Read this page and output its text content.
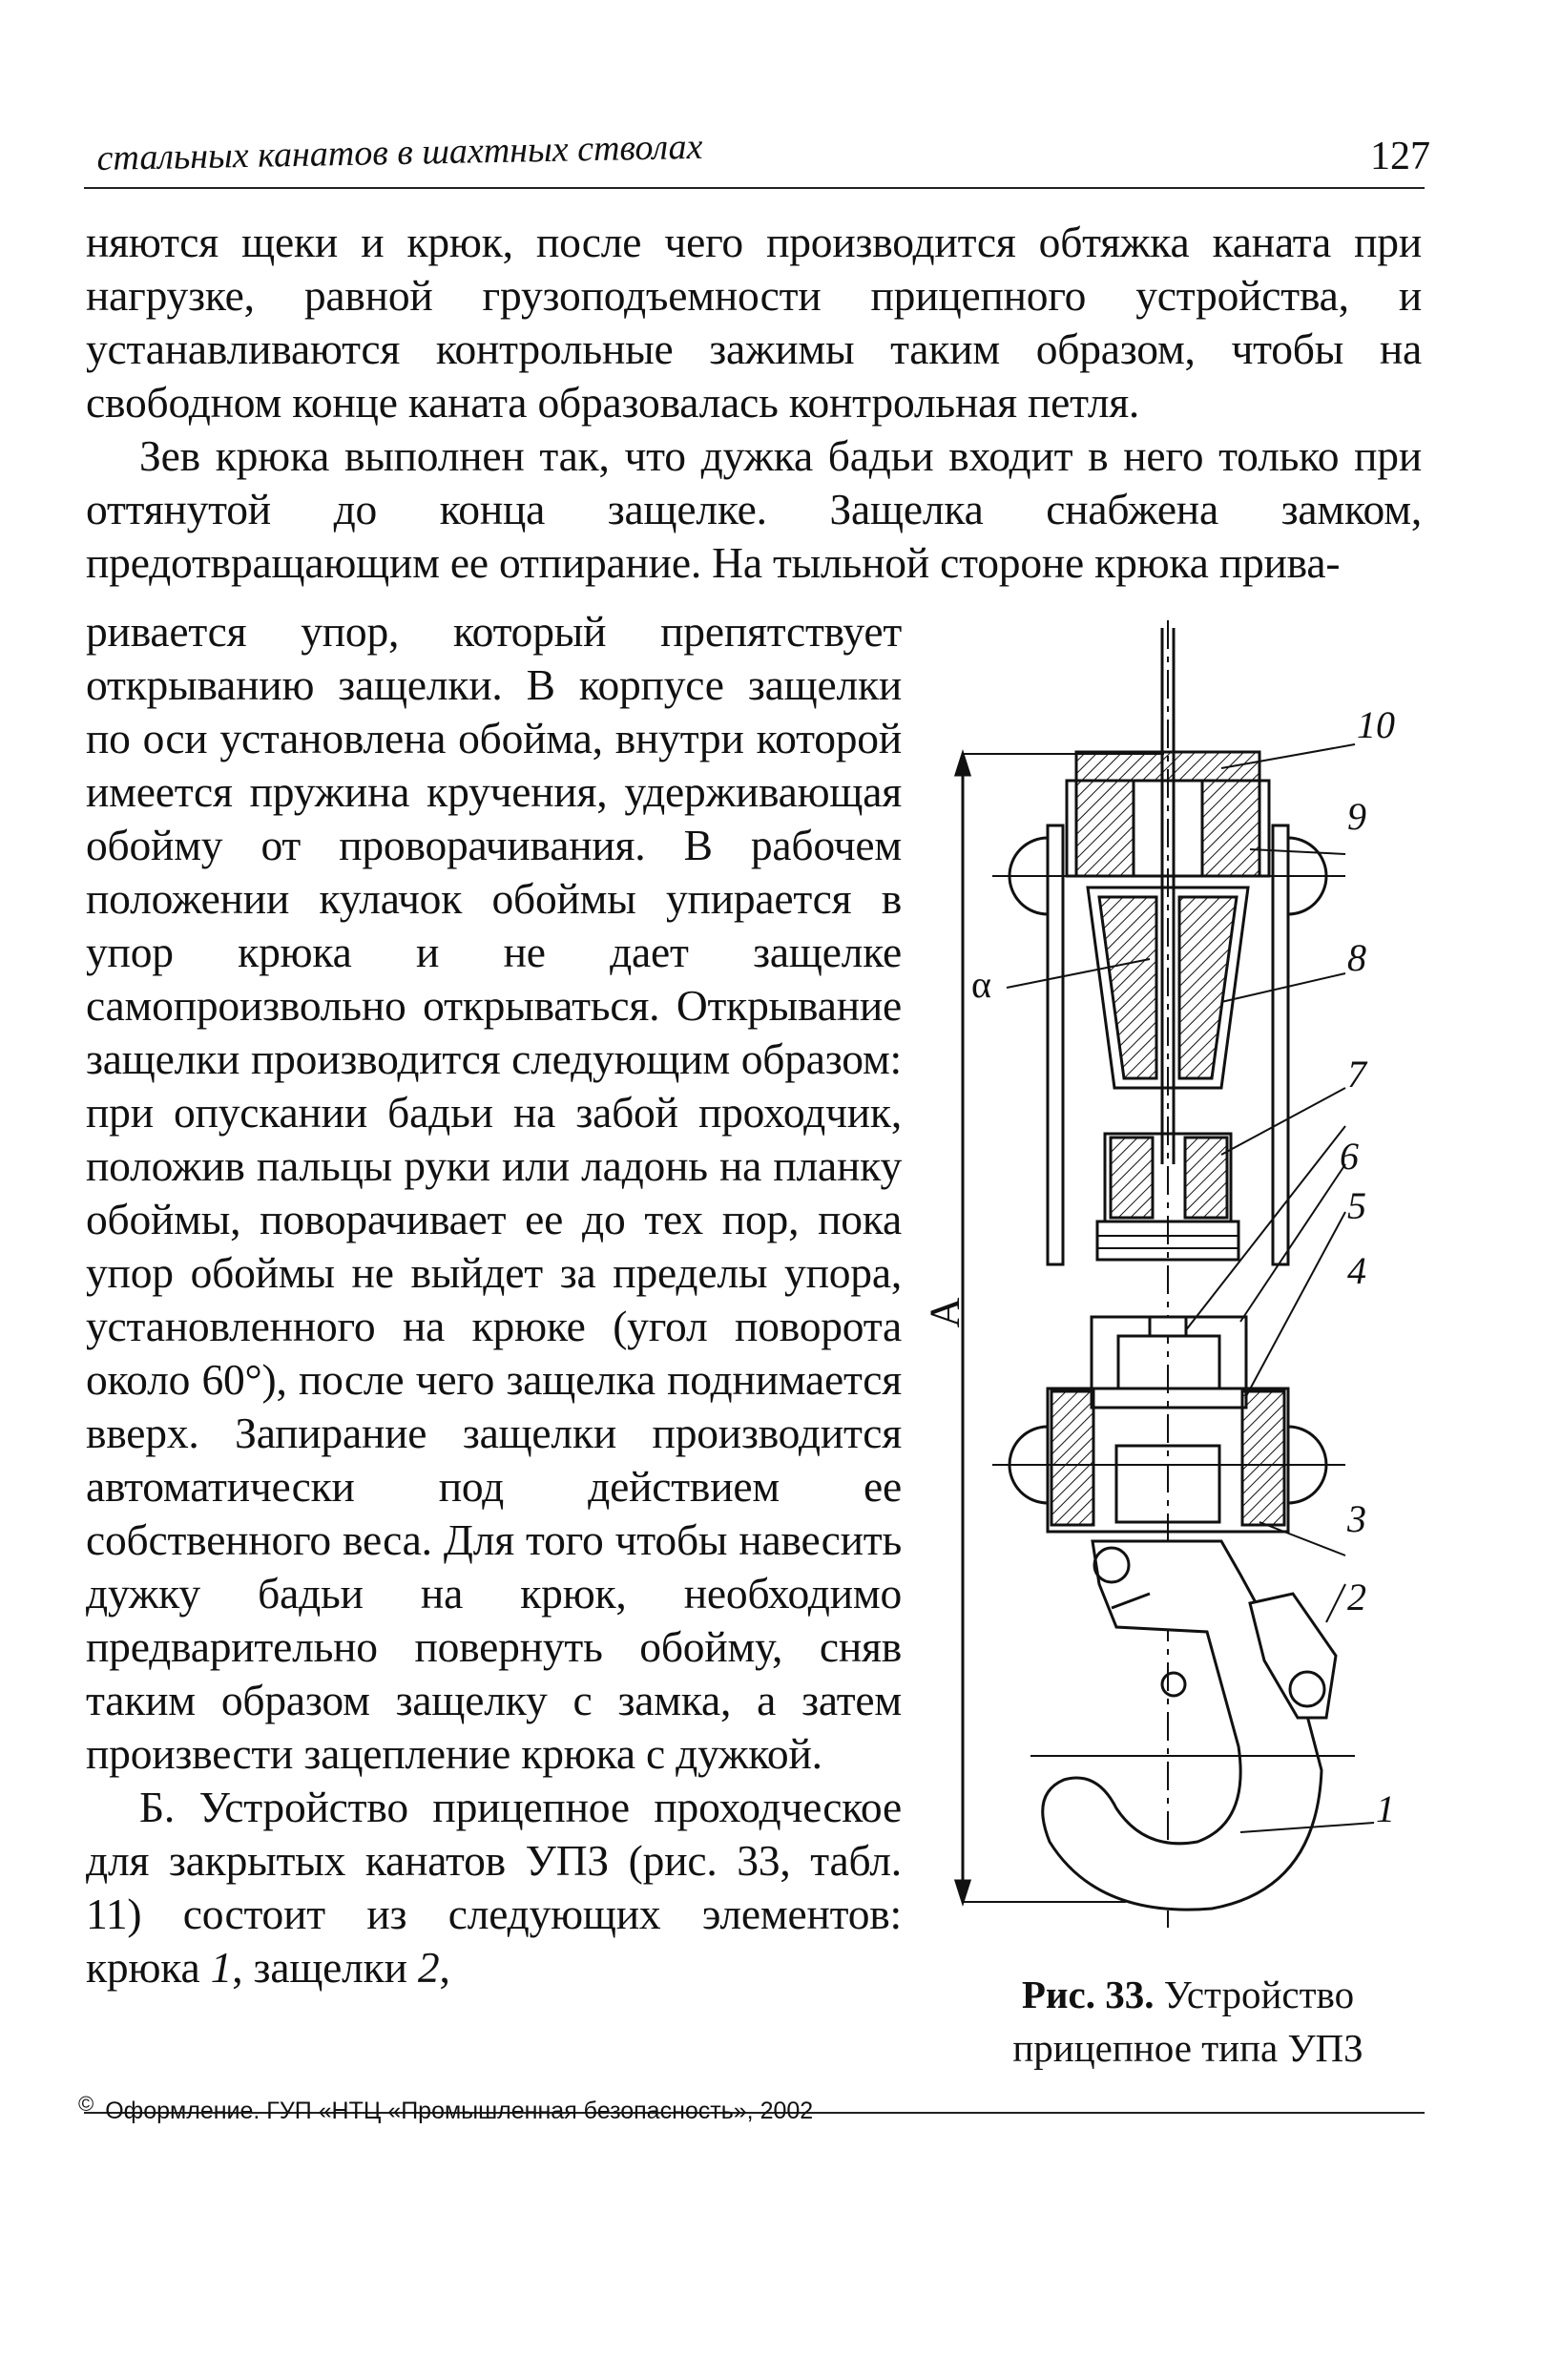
стальных канатов в шахтных стволах	127

няются щеки и крюк, после чего производится обтяжка каната при нагрузке, равной грузоподъемности прицепного устройства, и устанавливаются контрольные зажимы таким образом, чтобы на свободном конце каната образовалась контрольная петля.

Зев крюка выполнен так, что дужка бадьи входит в него только при оттянутой до конца защелке. Защелка снабжена замком, предотвращающим ее отпирание. На тыльной стороне крюка прива-

ривается упор, который препятствует открыванию защелки. В корпусе защелки по оси установлена обойма, внутри которой имеется пружина кручения, удерживающая обойму от проворачивания. В рабочем положении кулачок обоймы упирается в упор крюка и не дает защелке самопроизвольно открываться. Открывание защелки производится следующим образом: при опускании бадьи на забой проходчик, положив пальцы руки или ладонь на планку обоймы, поворачивает ее до тех пор, пока упор обоймы не выйдет за пределы упора, установленного на крюке (угол поворота около 60°), после чего защелка поднимается вверх. Запирание защелки производится автоматически под действием ее собственного веса. Для того чтобы навесить дужку бадьи на крюк, необходимо предварительно повернуть обойму, сняв таким образом защелку с замка, а затем произвести зацепление крюка с дужкой.

Б. Устройство прицепное проходческое для закрытых канатов УПЗ (рис. 33, табл. 11) состоит из следующих элементов: крюка 1, защелки 2,

А
α
10
9
8
7
6
5
4
3
2
1
Рис. 33. Устройство прицепное типа УПЗ
© Оформление. ГУП «НТЦ «Промышленная безопасность», 2002
